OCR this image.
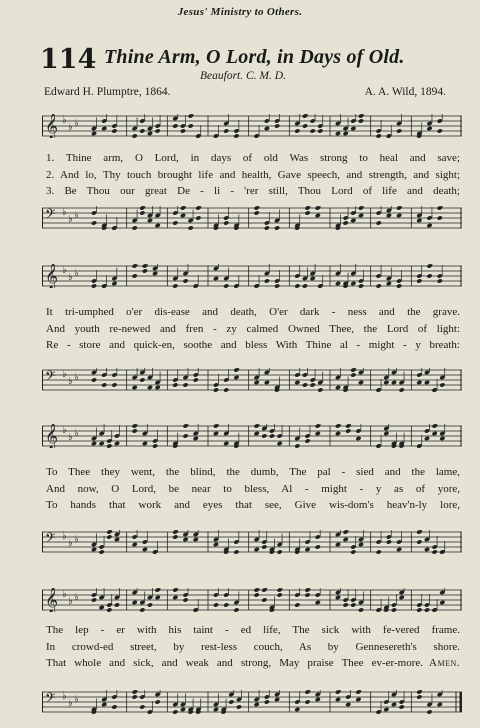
Jesus' Ministry to Others.
114 Thine Arm, O Lord, in Days of Old.
Beaufort. C. M. D.
Edward H. Plumptre, 1864.	A. A. Wild, 1894.
𝄞 ♭
♭ ♭
1. Thine arm, O Lord, in days of old Was strong to heal and save;
2. And lo, Thy touch brought life and health, Gave speech, and strength, and sight;
3. Be Thou our great De - li - 'rer still, Thou Lord of life and death;
𝄢 ♭
♭ ♭
𝄞 ♭
♭ ♭
It tri-umphed o'er dis-ease and death, O'er dark - ness and the grave.
And youth re-newed and fren - zy calmed Owned Thee, the Lord of light:
Re - store and quick-en, soothe and bless With Thine al - might - y breath:
𝄢 ♭
♭ ♭
𝄞 ♭
♭ ♭
To Thee they went, the blind, the dumb, The pal - sied and the lame,
And now, O Lord, be near to bless, Al - might - y as of yore,
To hands that work and eyes that see, Give wis-dom's heav'n-ly lore,
𝄢 ♭
♭ ♭
𝄞 ♭
♭ ♭
The lep - er with his taint - ed life, The sick with fe-vered frame.
In crowd-ed street, by rest-less couch, As by Gennesereth's shore.
That whole and sick, and weak and strong, May praise Thee ev-er-more. Amen.
𝄢 ♭
♭ ♭
